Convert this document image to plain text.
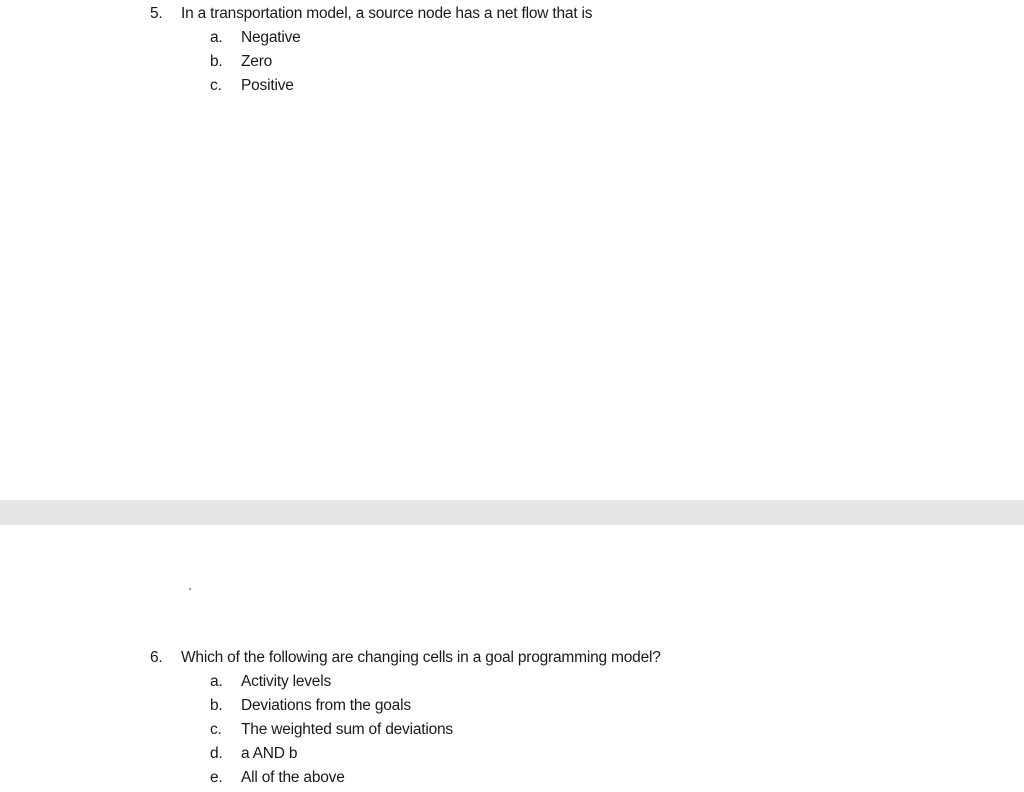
5.	In a transportation model, a source node has a net flow that is
a.	Negative
b.	Zero
c.	Positive
6.	Which of the following are changing cells in a goal programming model?
a.	Activity levels
b.	Deviations from the goals
c.	The weighted sum of deviations
d.	a AND b
e.	All of the above
